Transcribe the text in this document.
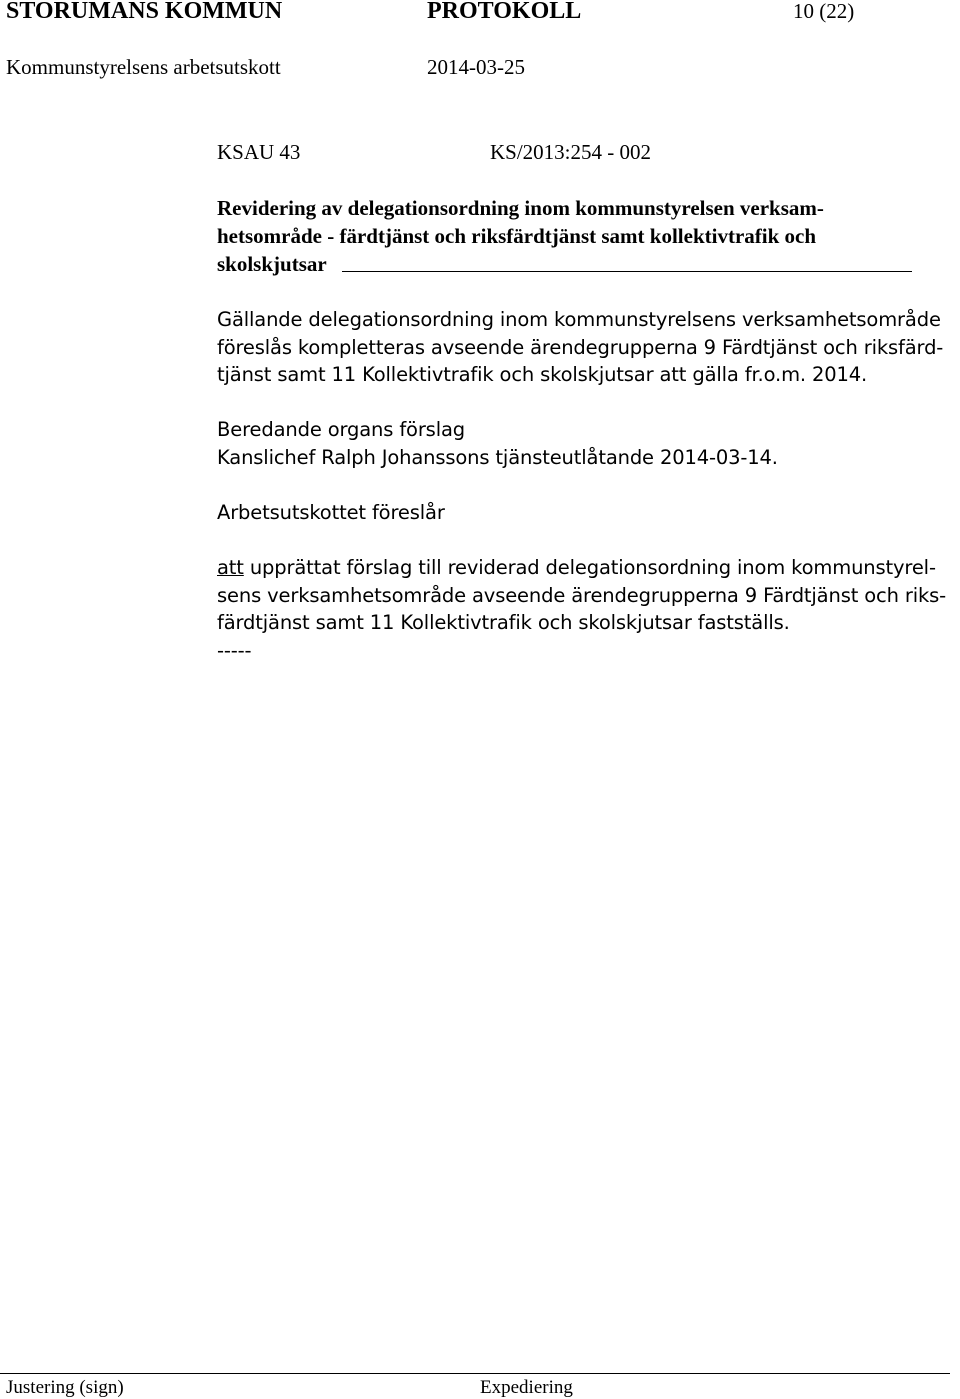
STORUMANS KOMMUN	PROTOKOLL	10 (22)
Kommunstyrelsens arbetsutskott	2014-03-25
KSAU 43	KS/2013:254 - 002
Revidering av delegationsordning inom kommunstyrelsen verksam-
hetsområde - färdtjänst och riksfärdtjänst samt kollektivtrafik och
skolskjutsar
Gällande delegationsordning inom kommunstyrelsens verksamhetsområde
föreslås kompletteras avseende ärendegrupperna 9 Färdtjänst och riksfärd-
tjänst samt 11 Kollektivtrafik och skolskjutsar att gälla fr.o.m. 2014.
Beredande organs förslag
Kanslichef Ralph Johanssons tjänsteutlåtande 2014-03-14.
Arbetsutskottet föreslår
att upprättat förslag till reviderad delegationsordning inom kommunstyrel-
sens verksamhetsområde avseende ärendegrupperna 9 Färdtjänst och riks-
färdtjänst samt 11 Kollektivtrafik och skolskjutsar fastställs.
-----
Justering (sign)	Expediering
